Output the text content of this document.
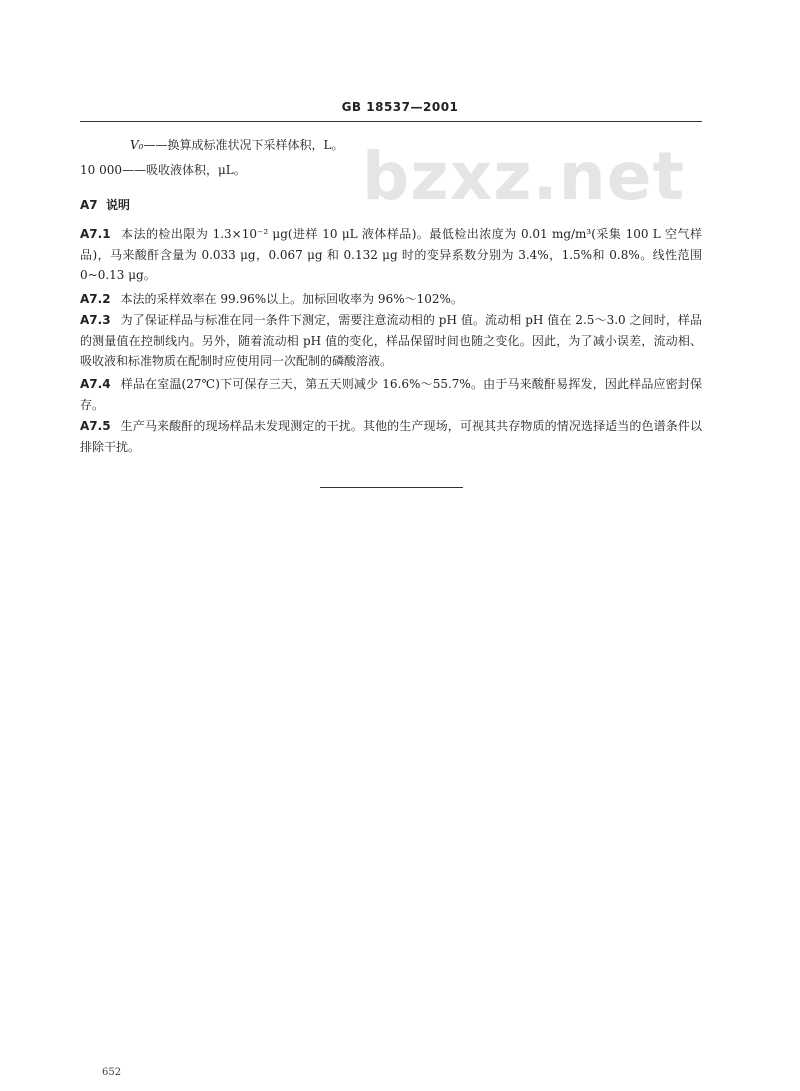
GB 18537—2001
bzxz.net
V₀——换算成标准状况下采样体积，L。
10 000——吸收液体积，μL。
A7 说明
A7.1 本法的检出限为 1.3×10⁻² μg(进样 10 μL 液体样品)。最低检出浓度为 0.01 mg/m³(采集 100 L 空气样品)，马来酸酐含量为 0.033 μg，0.067 μg 和 0.132 μg 时的变异系数分别为 3.4%，1.5%和 0.8%。线性范围 0~0.13 μg。
A7.2 本法的采样效率在 99.96%以上。加标回收率为 96%～102%。
A7.3 为了保证样品与标准在同一条件下测定，需要注意流动相的 pH 值。流动相 pH 值在 2.5～3.0 之间时，样品的测量值在控制线内。另外，随着流动相 pH 值的变化，样品保留时间也随之变化。因此，为了减小误差，流动相、吸收液和标准物质在配制时应使用同一次配制的磷酸溶液。
A7.4 样品在室温(27℃)下可保存三天，第五天则减少 16.6%～55.7%。由于马来酸酐易挥发，因此样品应密封保存。
A7.5 生产马来酸酐的现场样品未发现测定的干扰。其他的生产现场，可视其共存物质的情况选择适当的色谱条件以排除干扰。
652
